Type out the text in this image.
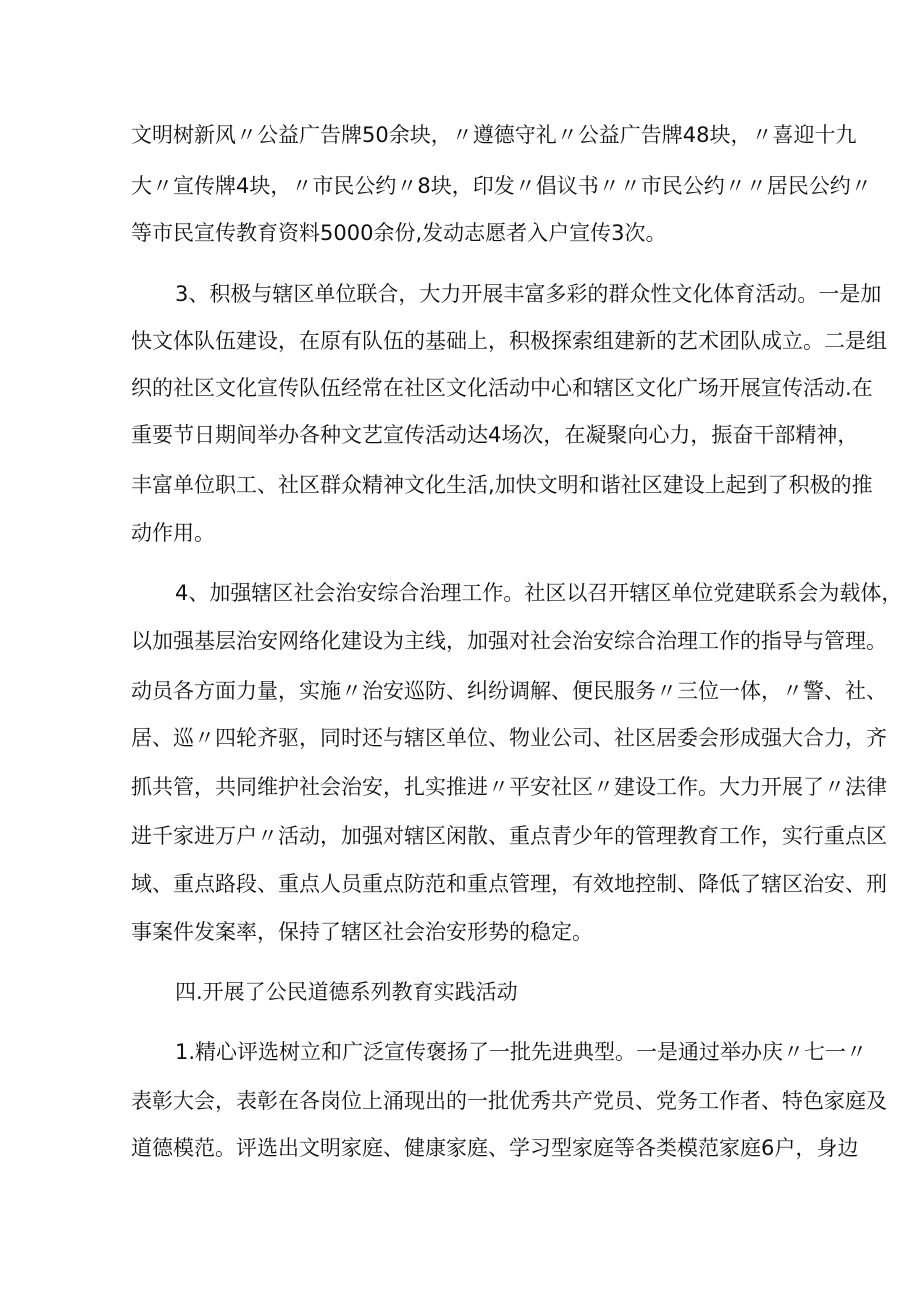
文明树新风〃公益广告牌50余块，〃遵德守礼〃公益广告牌48块，〃喜迎十九
大〃宣传牌4块，〃市民公约〃8块，印发〃倡议书〃〃市民公约〃〃居民公约〃
等市民宣传教育资料5000余份,发动志愿者入户宣传3次。
3、积极与辖区单位联合，大力开展丰富多彩的群众性文化体育活动。一是加
快文体队伍建设，在原有队伍的基础上，积极探索组建新的艺术团队成立。二是组
织的社区文化宣传队伍经常在社区文化活动中心和辖区文化广场开展宣传活动.在
重要节日期间举办各种文艺宣传活动达4场次，在凝聚向心力，振奋干部精神，
丰富单位职工、社区群众精神文化生活,加快文明和谐社区建设上起到了积极的推
动作用。
4、加强辖区社会治安综合治理工作。社区以召开辖区单位党建联系会为载体，
以加强基层治安网络化建设为主线，加强对社会治安综合治理工作的指导与管理。
动员各方面力量，实施〃治安巡防、纠纷调解、便民服务〃三位一体，〃警、社、
居、巡〃四轮齐驱，同时还与辖区单位、物业公司、社区居委会形成强大合力，齐
抓共管，共同维护社会治安，扎实推进〃平安社区〃建设工作。大力开展了〃法律
进千家进万户〃活动，加强对辖区闲散、重点青少年的管理教育工作，实行重点区
域、重点路段、重点人员重点防范和重点管理，有效地控制、降低了辖区治安、刑
事案件发案率，保持了辖区社会治安形势的稳定。
四.开展了公民道德系列教育实践活动
1.精心评选树立和广泛宣传褒扬了一批先进典型。一是通过举办庆〃七一〃
表彰大会，表彰在各岗位上涌现出的一批优秀共产党员、党务工作者、特色家庭及
道德模范。评选出文明家庭、健康家庭、学习型家庭等各类模范家庭6户，身边
